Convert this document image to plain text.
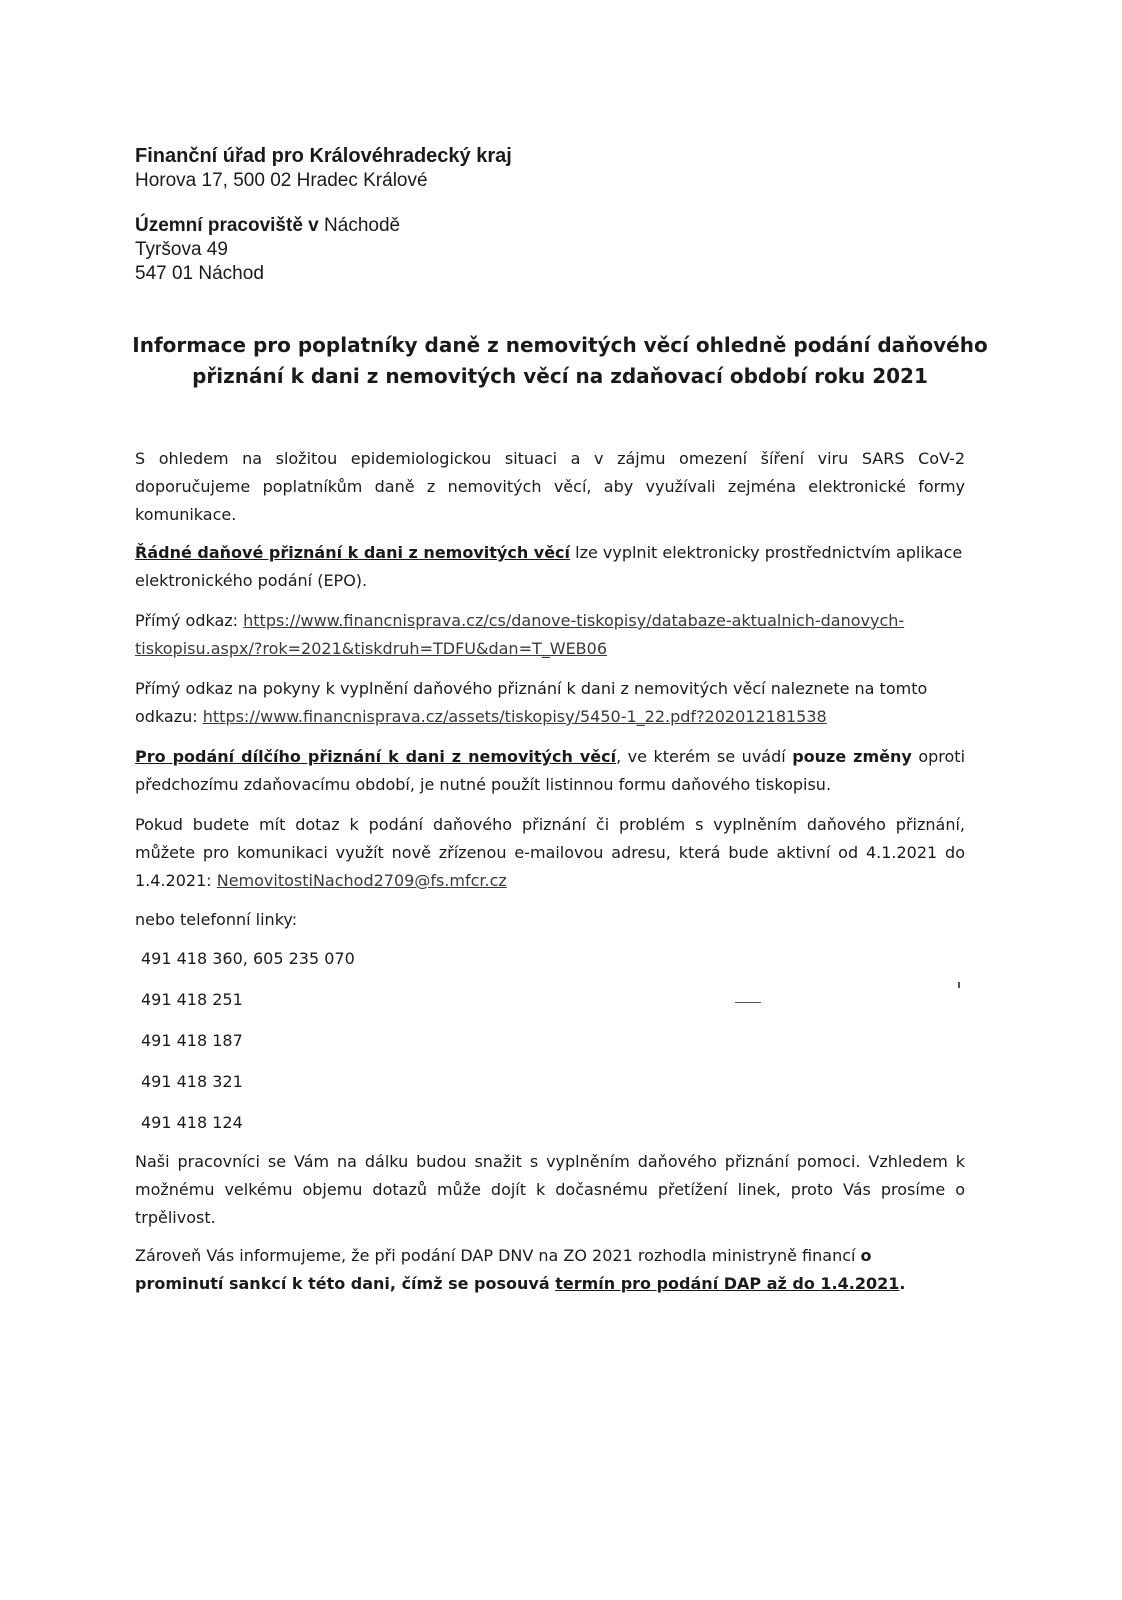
Finanční úřad pro Královéhradecký kraj

Horova 17, 500 02 Hradec Králové

Územní pracoviště v Náchodě

Tyršova 49

547 01 Náchod

Informace pro poplatníky daně z nemovitých věcí ohledně podání daňového
přiznání k dani z nemovitých věcí na zdaňovací období roku 2021

S ohledem na složitou epidemiologickou situaci a v zájmu omezení šíření viru SARS CoV-2 doporučujeme poplatníkům daně z nemovitých věcí, aby využívali zejména elektronické formy komunikace.

Řádné daňové přiznání k dani z nemovitých věcí lze vyplnit elektronicky prostřednictvím aplikace elektronického podání (EPO).

Přímý odkaz: https://www.financnisprava.cz/cs/danove-tiskopisy/databaze-aktualnich-danovych-
tiskopisu.aspx/?rok=2021&tiskdruh=TDFU&dan=T_WEB06

Přímý odkaz na pokyny k vyplnění daňového přiznání k dani z nemovitých věcí naleznete na tomto odkazu: https://www.financnisprava.cz/assets/tiskopisy/5450-1_22.pdf?202012181538

Pro podání dílčího přiznání k dani z nemovitých věcí, ve kterém se uvádí pouze změny oproti předchozímu zdaňovacímu období, je nutné použít listinnou formu daňového tiskopisu.

Pokud budete mít dotaz k podání daňového přiznání či problém s vyplněním daňového přiznání, můžete pro komunikaci využít nově zřízenou e-mailovou adresu, která bude aktivní od 4.1.2021 do 1.4.2021: NemovitostiNachod2709@fs.mfcr.cz

nebo telefonní linky:

491 418 360, 605 235 070

491 418 251

491 418 187

491 418 321

491 418 124

Naši pracovníci se Vám na dálku budou snažit s vyplněním daňového přiznání pomoci. Vzhledem k možnému velkému objemu dotazů může dojít k dočasnému přetížení linek, proto Vás prosíme o trpělivost.

Zároveň Vás informujeme, že při podání DAP DNV na ZO 2021 rozhodla ministryně financí o prominutí sankcí k této dani, čímž se posouvá termín pro podání DAP až do 1.4.2021.
